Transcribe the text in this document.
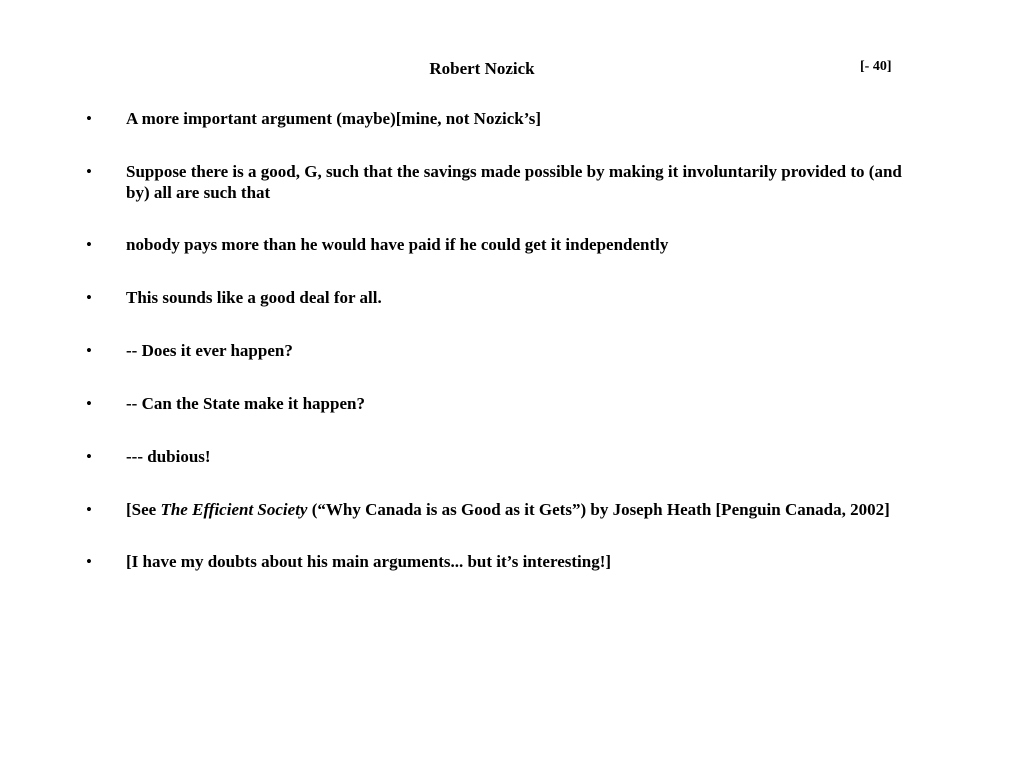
Robert Nozick	[- 40]
• A more important argument (maybe)[mine, not Nozick’s]
• Suppose there is a good, G, such that the savings made possible by making it involuntarily provided to (and by) all are such that
• nobody pays more than he would have paid if he could get it independently
• This sounds like a good deal for all.
• -- Does it ever happen?
• -- Can the State make it happen?
• --- dubious!
• [See The Efficient Society (“Why Canada is as Good as it Gets”) by Joseph Heath [Penguin Canada, 2002]
• [I have my doubts about his main arguments... but it’s interesting!]
